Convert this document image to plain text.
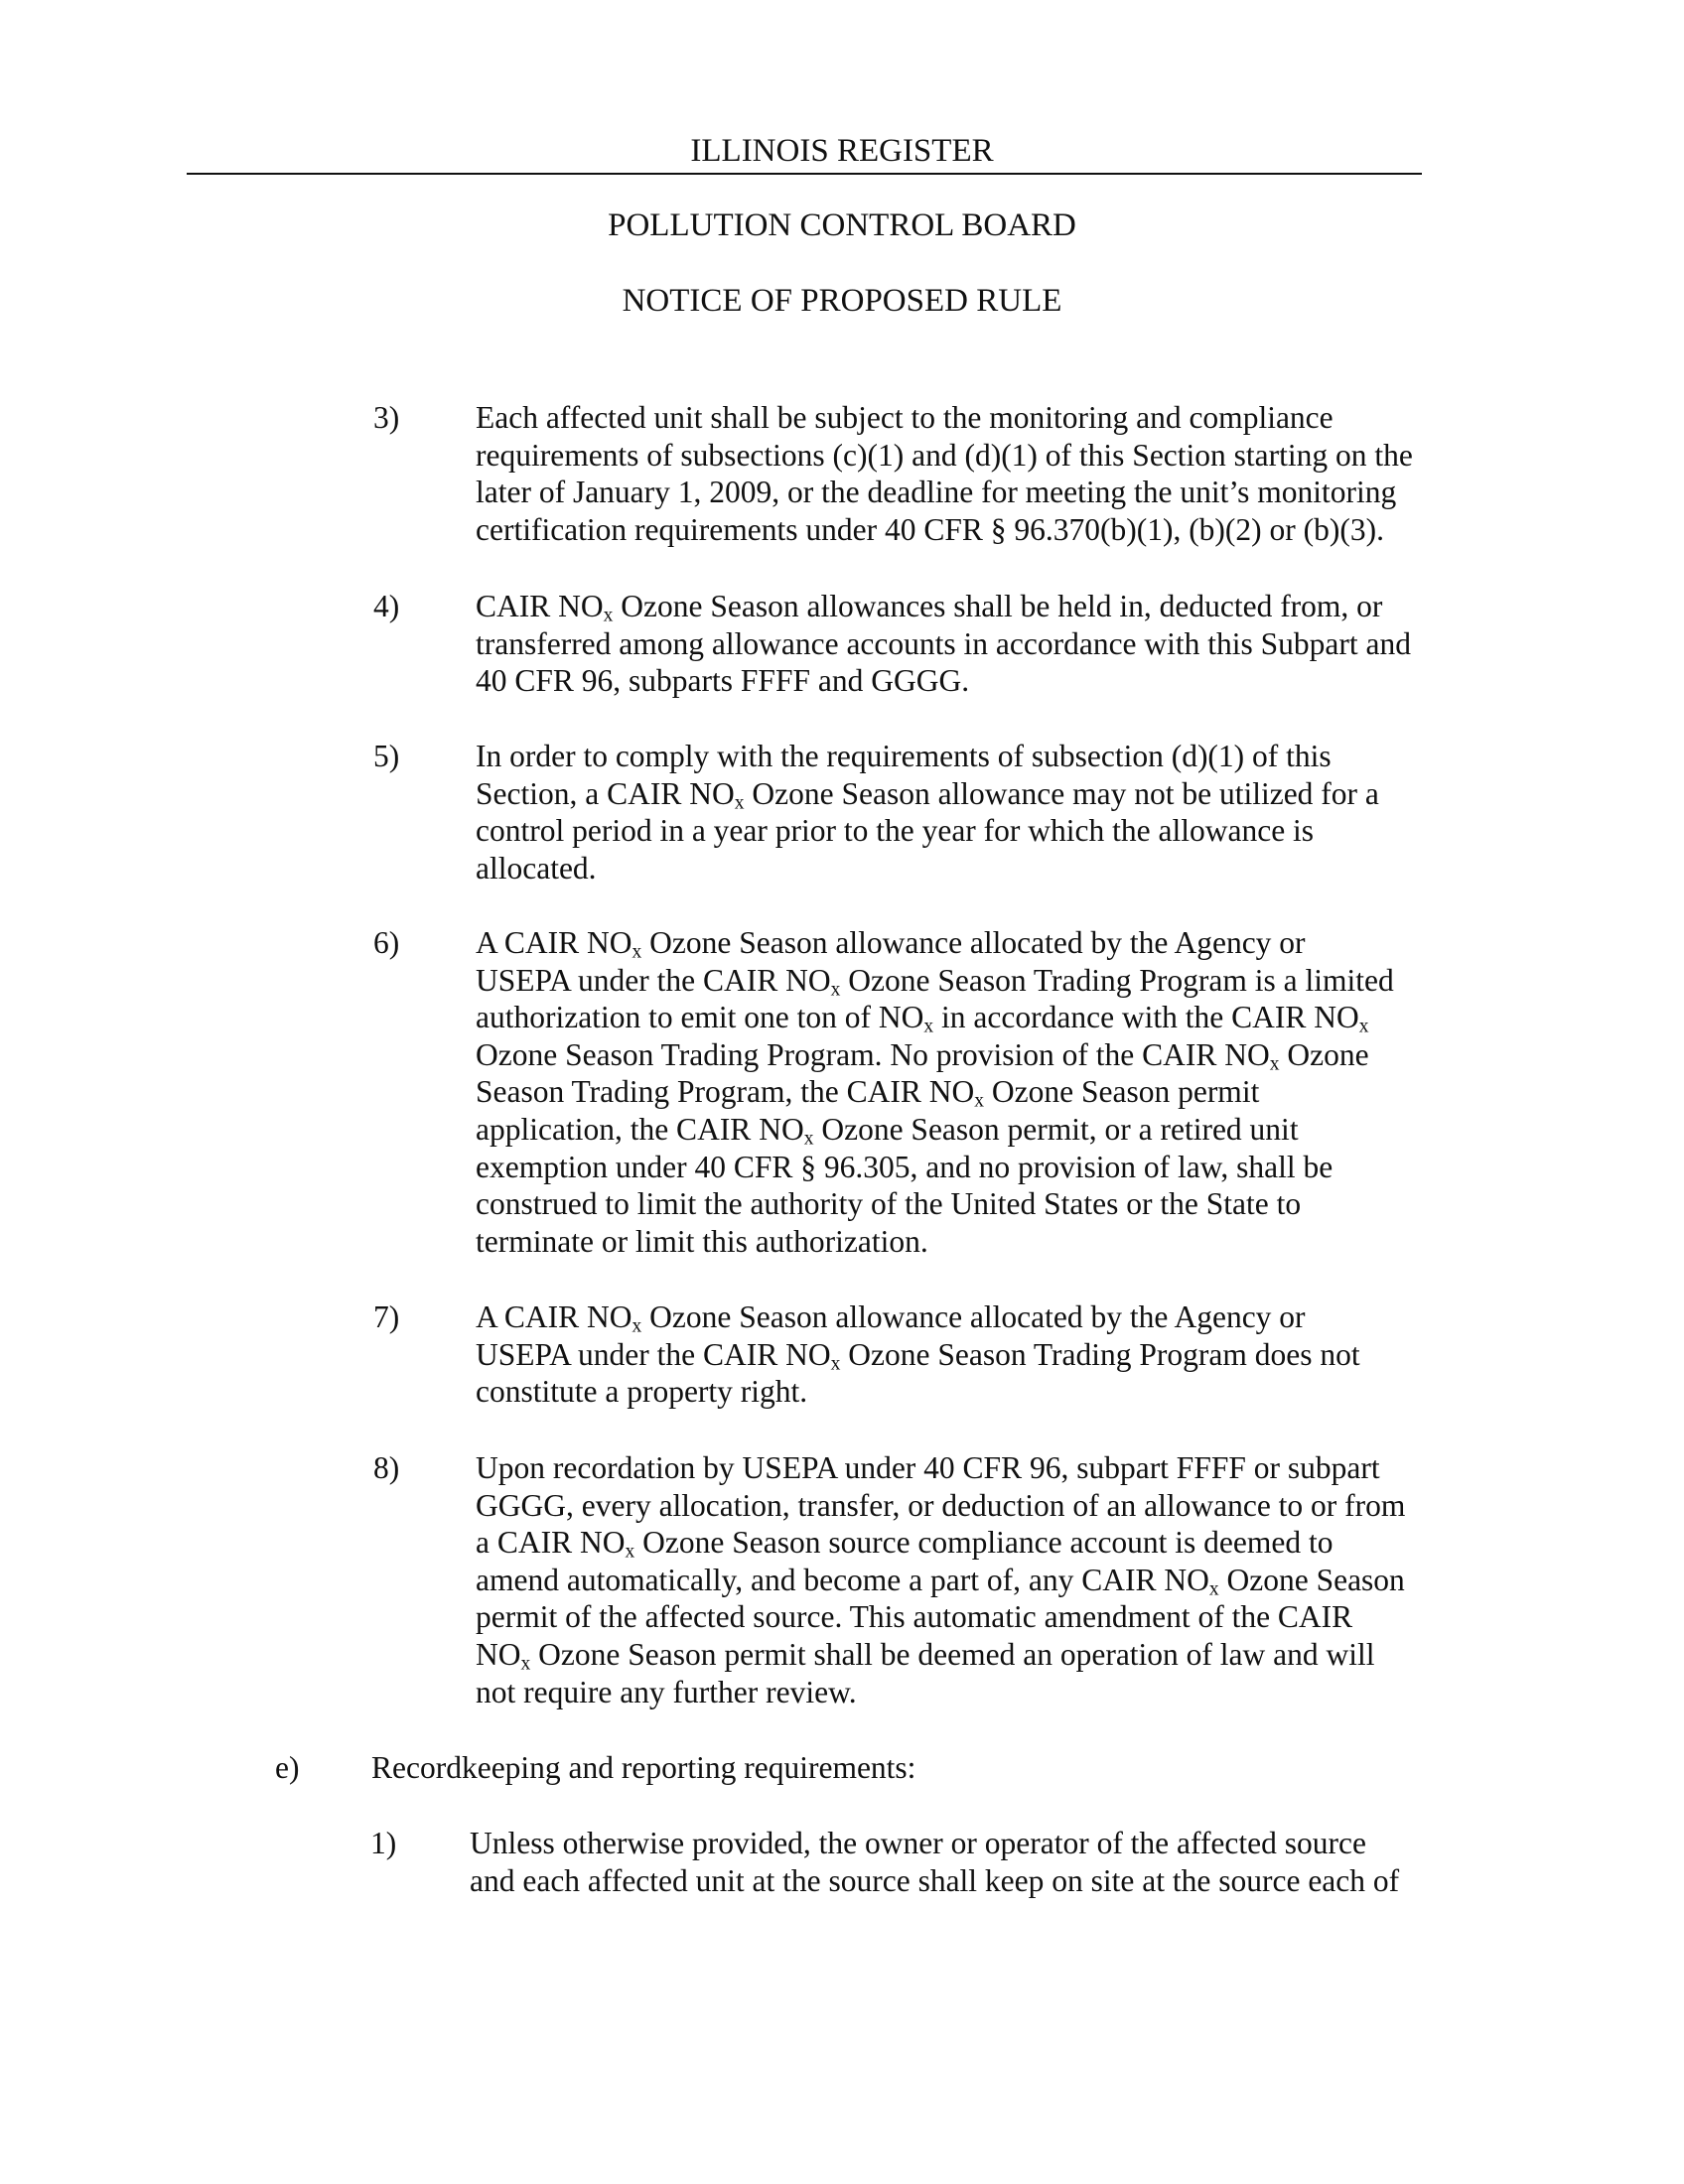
ILLINOIS REGISTER
POLLUTION CONTROL BOARD
NOTICE OF PROPOSED RULE
3) Each affected unit shall be subject to the monitoring and compliance
requirements of subsections (c)(1) and (d)(1) of this Section starting on the
later of January 1, 2009, or the deadline for meeting the unit’s monitoring
certification requirements under 40 CFR § 96.370(b)(1), (b)(2) or (b)(3).
4) CAIR $NO_x$ Ozone Season allowances shall be held in, deducted from, or
transferred among allowance accounts in accordance with this Subpart and
40 CFR 96, subparts FFFF and GGGG.
5) In order to comply with the requirements of subsection (d)(1) of this
Section, a CAIR $NO_x$ Ozone Season allowance may not be utilized for a
control period in a year prior to the year for which the allowance is
allocated.
6) A CAIR $NO_x$ Ozone Season allowance allocated by the Agency or
USEPA under the CAIR $NO_x$ Ozone Season Trading Program is a limited
authorization to emit one ton of $NO_x$ in accordance with the CAIR $NO_x$
Ozone Season Trading Program. No provision of the CAIR $NO_x$ Ozone
Season Trading Program, the CAIR $NO_x$ Ozone Season permit
application, the CAIR $NO_x$ Ozone Season permit, or a retired unit
exemption under 40 CFR § 96.305, and no provision of law, shall be
construed to limit the authority of the United States or the State to
terminate or limit this authorization.
7) A CAIR $NO_x$ Ozone Season allowance allocated by the Agency or
USEPA under the CAIR $NO_x$ Ozone Season Trading Program does not
constitute a property right.
8) Upon recordation by USEPA under 40 CFR 96, subpart FFFF or subpart
GGGG, every allocation, transfer, or deduction of an allowance to or from
a CAIR $NO_x$ Ozone Season source compliance account is deemed to
amend automatically, and become a part of, any CAIR $NO_x$ Ozone Season
permit of the affected source. This automatic amendment of the CAIR
$NO_x$ Ozone Season permit shall be deemed an operation of law and will
not require any further review.
e) Recordkeeping and reporting requirements:
1) Unless otherwise provided, the owner or operator of the affected source
and each affected unit at the source shall keep on site at the source each of
